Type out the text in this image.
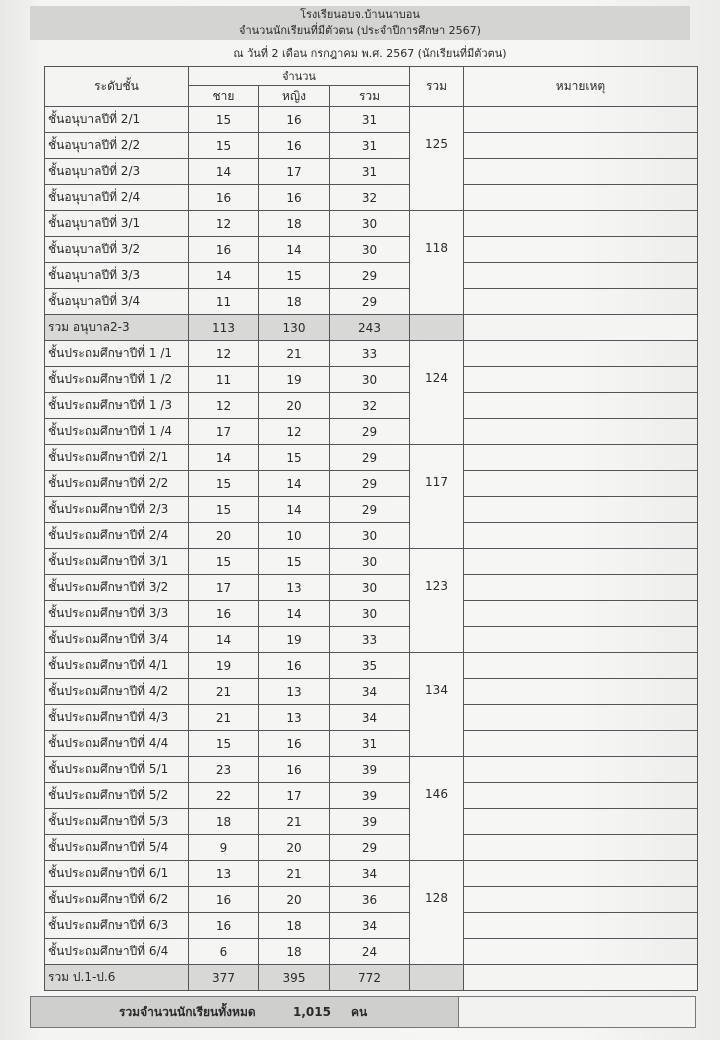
โรงเรียนอบจ.บ้านนาบอน
จำนวนนักเรียนที่มีตัวตน (ประจำปีการศึกษา 2567)
ณ วันที่ 2 เดือน กรกฎาคม พ.ศ. 2567 (นักเรียนที่มีตัวตน)
ระดับชั้น	จำนวน			รวม	หมายเหตุ
	ชาย	หญิง	รวม		
ชั้นอนุบาลปีที่ 2/1	15	16	31	125	
ชั้นอนุบาลปีที่ 2/2	15	16	31		
ชั้นอนุบาลปีที่ 2/3	14	17	31		
ชั้นอนุบาลปีที่ 2/4	16	16	32		
ชั้นอนุบาลปีที่ 3/1	12	18	30	118	
ชั้นอนุบาลปีที่ 3/2	16	14	30		
ชั้นอนุบาลปีที่ 3/3	14	15	29		
ชั้นอนุบาลปีที่ 3/4	11	18	29		
รวม อนุบาล2-3	113	130	243		
ชั้นประถมศึกษาปีที่ 1 /1	12	21	33	124	
ชั้นประถมศึกษาปีที่ 1 /2	11	19	30		
ชั้นประถมศึกษาปีที่ 1 /3	12	20	32		
ชั้นประถมศึกษาปีที่ 1 /4	17	12	29		
ชั้นประถมศึกษาปีที่ 2/1	14	15	29	117	
ชั้นประถมศึกษาปีที่ 2/2	15	14	29		
ชั้นประถมศึกษาปีที่ 2/3	15	14	29		
ชั้นประถมศึกษาปีที่ 2/4	20	10	30		
ชั้นประถมศึกษาปีที่ 3/1	15	15	30	123	
ชั้นประถมศึกษาปีที่ 3/2	17	13	30		
ชั้นประถมศึกษาปีที่ 3/3	16	14	30		
ชั้นประถมศึกษาปีที่ 3/4	14	19	33		
ชั้นประถมศึกษาปีที่ 4/1	19	16	35	134	
ชั้นประถมศึกษาปีที่ 4/2	21	13	34		
ชั้นประถมศึกษาปีที่ 4/3	21	13	34		
ชั้นประถมศึกษาปีที่ 4/4	15	16	31		
ชั้นประถมศึกษาปีที่ 5/1	23	16	39	146	
ชั้นประถมศึกษาปีที่ 5/2	22	17	39		
ชั้นประถมศึกษาปีที่ 5/3	18	21	39		
ชั้นประถมศึกษาปีที่ 5/4	9	20	29		
ชั้นประถมศึกษาปีที่ 6/1	13	21	34	128	
ชั้นประถมศึกษาปีที่ 6/2	16	20	36		
ชั้นประถมศึกษาปีที่ 6/3	16	18	34		
ชั้นประถมศึกษาปีที่ 6/4	6	18	24		
รวม ป.1-ป.6	377	395	772		
รวมจำนวนนักเรียนทั้งหมด	1,015 คน
